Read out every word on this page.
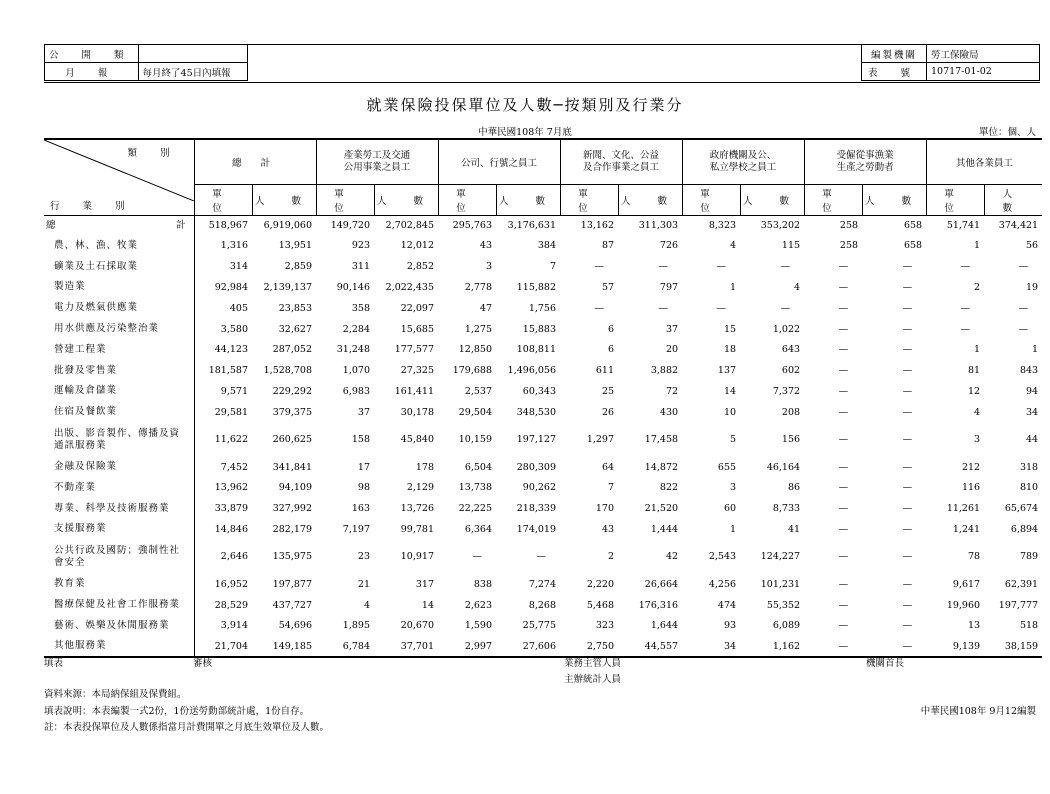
公 開 類	
月 報	每月終了45日內填報
編製機關	勞工保險局
表 號	10717-01-02
就業保險投保單位及人數─按類別及行業分
中華民國108年 7月底	單位：個、人
類 別
行 業 別	總 計		產業勞工及交通
公用事業之員工		公司、行號之員工		新聞、文化、公益
及合作事業之員工		政府機關及公、
私立學校之員工		受僱從事漁業
生產之勞動者		其他各業員工	
	單 位	人 數	單 位	人 數	單 位	人 數	單 位	人 數	單 位	人 數	單 位	人 數	單 位	人 數
總 計	518,967	6,919,060	149,720	2,702,845	295,763	3,176,631	13,162	311,303	8,323	353,202	258	658	51,741	374,421
農、林、漁、牧業	1,316	13,951	923	12,012	43	384	87	726	4	115	258	658	1	56
礦業及土石採取業	314	2,859	311	2,852	3	7	—	—	—	—	—	—	—	—
製造業	92,984	2,139,137	90,146	2,022,435	2,778	115,882	57	797	1	4	—	—	2	19
電力及燃氣供應業	405	23,853	358	22,097	47	1,756	—	—	—	—	—	—	—	—
用水供應及污染整治業	3,580	32,627	2,284	15,685	1,275	15,883	6	37	15	1,022	—	—	—	—
營建工程業	44,123	287,052	31,248	177,577	12,850	108,811	6	20	18	643	—	—	1	1
批發及零售業	181,587	1,528,708	1,070	27,325	179,688	1,496,056	611	3,882	137	602	—	—	81	843
運輸及倉儲業	9,571	229,292	6,983	161,411	2,537	60,343	25	72	14	7,372	—	—	12	94
住宿及餐飲業	29,581	379,375	37	30,178	29,504	348,530	26	430	10	208	—	—	4	34
出版、影音製作、傳播及資通訊服務業	11,622	260,625	158	45,840	10,159	197,127	1,297	17,458	5	156	—	—	3	44
金融及保險業	7,452	341,841	17	178	6,504	280,309	64	14,872	655	46,164	—	—	212	318
不動產業	13,962	94,109	98	2,129	13,738	90,262	7	822	3	86	—	—	116	810
專業、科學及技術服務業	33,879	327,992	163	13,726	22,225	218,339	170	21,520	60	8,733	—	—	11,261	65,674
支援服務業	14,846	282,179	7,197	99,781	6,364	174,019	43	1,444	1	41	—	—	1,241	6,894
公共行政及國防；強制性社會安全	2,646	135,975	23	10,917	—	—	2	42	2,543	124,227	—	—	78	789
教育業	16,952	197,877	21	317	838	7,274	2,220	26,664	4,256	101,231	—	—	9,617	62,391
醫療保健及社會工作服務業	28,529	437,727	4	14	2,623	8,268	5,468	176,316	474	55,352	—	—	19,960	197,777
藝術、娛樂及休閒服務業	3,914	54,696	1,895	20,670	1,590	25,775	323	1,644	93	6,089	—	—	13	518
其他服務業	21,704	149,185	6,784	37,701	2,997	27,606	2,750	44,557	34	1,162	—	—	9,139	38,159
填表	審核	業務主管人員
主辦統計人員
機關首長
資料來源：本局納保組及保費組。
填表說明：本表編製一式2份，1份送勞動部統計處，1份自存。
註：本表投保單位及人數係指當月計費開單之月底生效單位及人數。
中華民國108年 9月12編製
